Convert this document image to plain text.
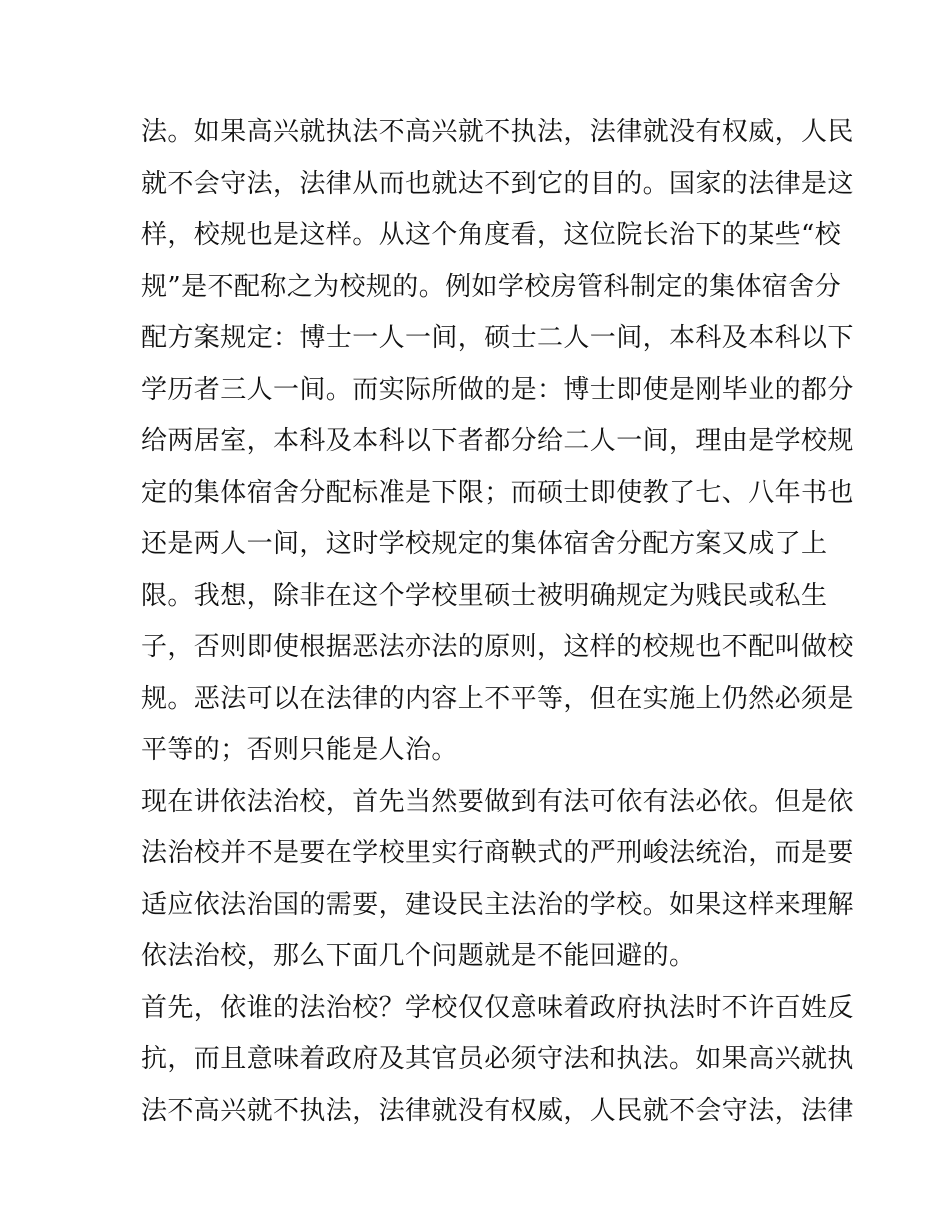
法。如果高兴就执法不高兴就不执法，法律就没有权威，人民
就不会守法，法律从而也就达不到它的目的。国家的法律是这
样，校规也是这样。从这个角度看，这位院长治下的某些“校
规”是不配称之为校规的。例如学校房管科制定的集体宿舍分
配方案规定：博士一人一间，硕士二人一间，本科及本科以下
学历者三人一间。而实际所做的是：博士即使是刚毕业的都分
给两居室，本科及本科以下者都分给二人一间，理由是学校规
定的集体宿舍分配标准是下限；而硕士即使教了七、八年书也
还是两人一间，这时学校规定的集体宿舍分配方案又成了上
限。我想，除非在这个学校里硕士被明确规定为贱民或私生
子，否则即使根据恶法亦法的原则，这样的校规也不配叫做校
规。恶法可以在法律的内容上不平等，但在实施上仍然必须是
平等的；否则只能是人治。
现在讲依法治校，首先当然要做到有法可依有法必依。但是依
法治校并不是要在学校里实行商鞅式的严刑峻法统治，而是要
适应依法治国的需要，建设民主法治的学校。如果这样来理解
依法治校，那么下面几个问题就是不能回避的。
首先，依谁的法治校？学校仅仅意味着政府执法时不许百姓反
抗，而且意味着政府及其官员必须守法和执法。如果高兴就执
法不高兴就不执法，法律就没有权威，人民就不会守法，法律
